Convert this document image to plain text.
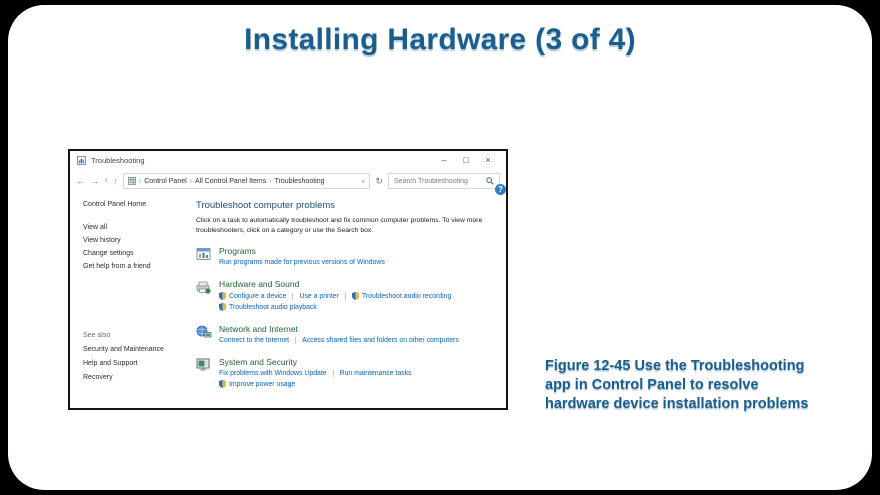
Installing Hardware (3 of 4)
Troubleshooting	–	□	×
← → ∨ ↑	› Control Panel › All Control Panel Items › Troubleshooting	∨ ↻ Search Troubleshooting
Control Panel Home
View all
View history
Change settings
Get help from a friend
See also
Security and Maintenance
Help and Support
Recovery
?
Troubleshoot computer problems
Click on a task to automatically troubleshoot and fix common computer problems. To view more troubleshooters, click on a category or use the Search box.
Programs
Run programs made for previous versions of Windows
Hardware and Sound
Configure a device Use a printer	Troubleshoot audio recording
Troubleshoot audio playback
Network and Internet
Connect to the Internet Access shared files and folders on other computers
System and Security
Fix problems with Windows Update Run maintenance tasks
Improve power usage
Figure 12-45 Use the Troubleshooting
app in Control Panel to resolve
hardware device installation problems
